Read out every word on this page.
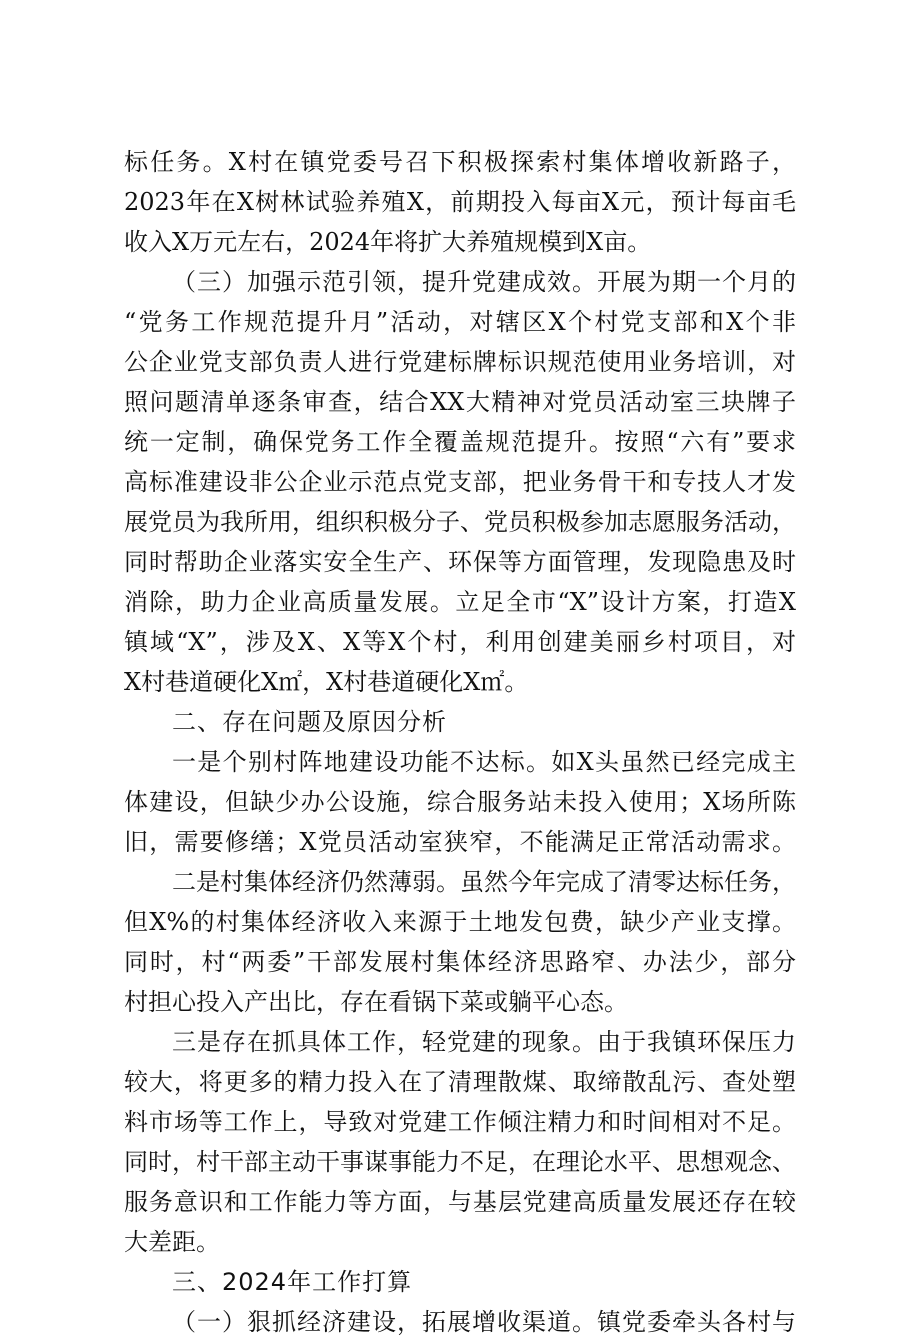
标任务。X村在镇党委号召下积极探索村集体增收新路子，
2023年在X树林试验养殖X，前期投入每亩X元，预计每亩毛
收入X万元左右，2024年将扩大养殖规模到X亩。
（三）加强示范引领，提升党建成效。开展为期一个月的
“党务工作规范提升月”活动，对辖区X个村党支部和X个非
公企业党支部负责人进行党建标牌标识规范使用业务培训，对
照问题清单逐条审查，结合XX大精神对党员活动室三块牌子
统一定制，确保党务工作全覆盖规范提升。按照“六有”要求
高标准建设非公企业示范点党支部，把业务骨干和专技人才发
展党员为我所用，组织积极分子、党员积极参加志愿服务活动，
同时帮助企业落实安全生产、环保等方面管理，发现隐患及时
消除，助力企业高质量发展。立足全市“X”设计方案，打造X
镇域“X”，涉及X、X等X个村，利用创建美丽乡村项目，对
X村巷道硬化X㎡，X村巷道硬化X㎡。
二、存在问题及原因分析
一是个别村阵地建设功能不达标。如X头虽然已经完成主
体建设，但缺少办公设施，综合服务站未投入使用；X场所陈
旧，需要修缮；X党员活动室狭窄，不能满足正常活动需求。
二是村集体经济仍然薄弱。虽然今年完成了清零达标任务，
但X%的村集体经济收入来源于土地发包费，缺少产业支撑。
同时，村“两委”干部发展村集体经济思路窄、办法少，部分
村担心投入产出比，存在看锅下菜或躺平心态。
三是存在抓具体工作，轻党建的现象。由于我镇环保压力
较大，将更多的精力投入在了清理散煤、取缔散乱污、查处塑
料市场等工作上，导致对党建工作倾注精力和时间相对不足。
同时，村干部主动干事谋事能力不足，在理论水平、思想观念、
服务意识和工作能力等方面，与基层党建高质量发展还存在较
大差距。
三、2024年工作打算
（一）狠抓经济建设，拓展增收渠道。镇党委牵头各村与
